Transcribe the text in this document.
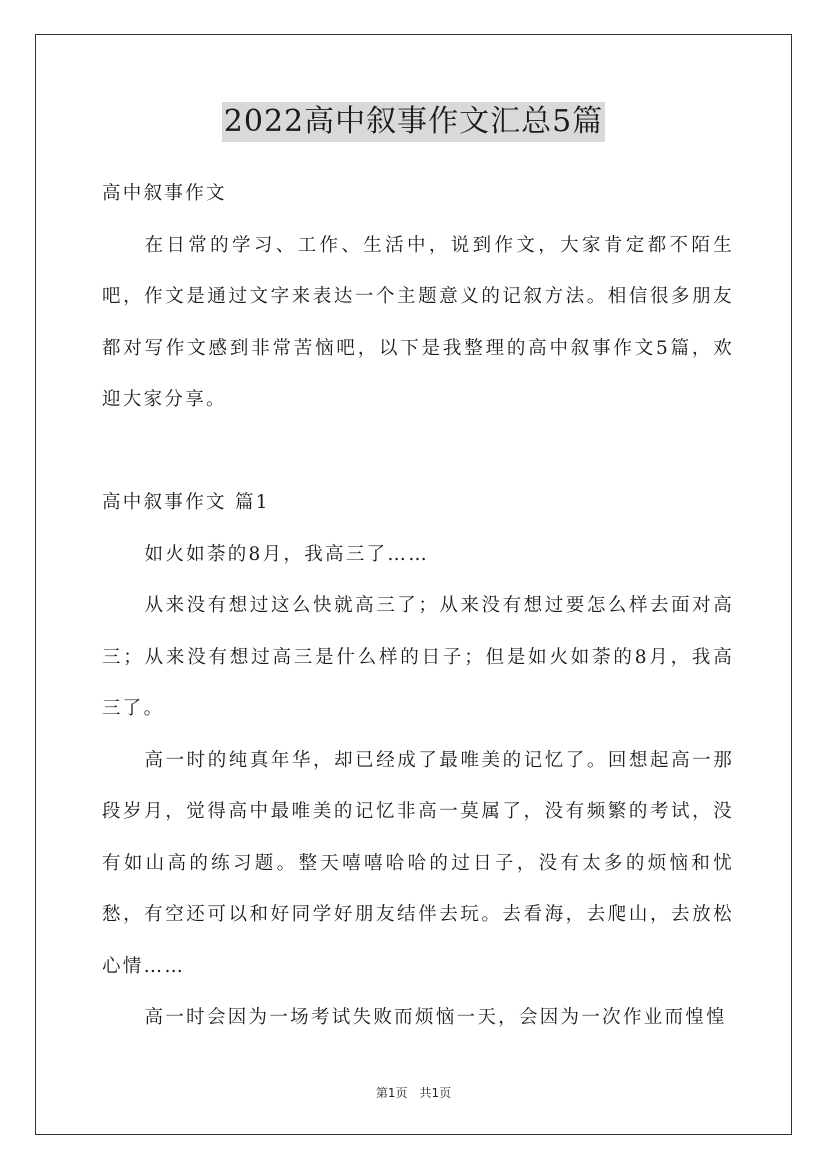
2022高中叙事作文汇总5篇

高中叙事作文

在日常的学习、工作、生活中，说到作文，大家肯定都不陌生吧，作文是通过文字来表达一个主题意义的记叙方法。相信很多朋友都对写作文感到非常苦恼吧，以下是我整理的高中叙事作文5篇，欢迎大家分享。

高中叙事作文 篇1

如火如荼的8月，我高三了……

从来没有想过这么快就高三了；从来没有想过要怎么样去面对高三；从来没有想过高三是什么样的日子；但是如火如荼的8月，我高三了。

高一时的纯真年华，却已经成了最唯美的记忆了。回想起高一那段岁月，觉得高中最唯美的记忆非高一莫属了，没有频繁的考试，没有如山高的练习题。整天嘻嘻哈哈的过日子，没有太多的烦恼和忧愁，有空还可以和好同学好朋友结伴去玩。去看海，去爬山，去放松心情……

高一时会因为一场考试失败而烦恼一天，会因为一次作业而惶惶

第1页 共1页
